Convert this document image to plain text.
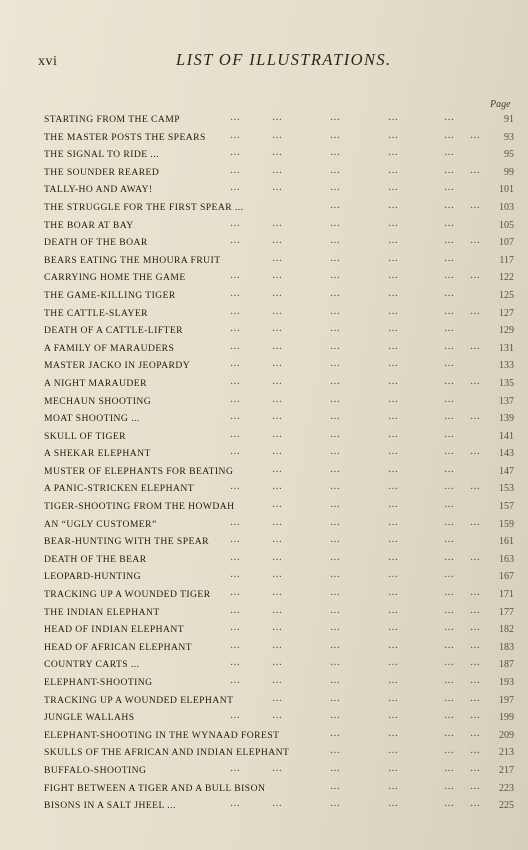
xvi	LIST OF ILLUSTRATIONS.
Page
STARTING FROM THE CAMP	…	…	…	…	…	91
THE MASTER POSTS THE SPEARS …	…	…	…	… …	93
THE SIGNAL TO RIDE ...	…	…	…	…	…	95
THE SOUNDER REARED	…	…	…	…	… …	99
TALLY-HO AND AWAY!	…	…	…	…	…	101
THE STRUGGLE FOR THE FIRST SPEAR ...	…	…	… …	103
THE BOAR AT BAY	…	…	…	…	…	105
DEATH OF THE BOAR	…	…	…	…	… …	107
BEARS EATING THE MHOURA FRUIT	…	…	…	…	117
CARRYING HOME THE GAME	…	…	…	…	… …	122
THE GAME-KILLING TIGER	…	…	…	…	…	125
THE CATTLE-SLAYER	…	…	…	…	… …	127
DEATH OF A CATTLE-LIFTER	…	…	…	…	…	129
A FAMILY OF MARAUDERS	…	…	…	…	… …	131
MASTER JACKO IN JEOPARDY	…	…	…	…	…	133
A NIGHT MARAUDER	…	…	…	…	… …	135
MECHAUN SHOOTING	…	…	…	…	…	137
MOAT SHOOTING ...	…	…	…	…	… …	139
SKULL OF TIGER	…	…	…	…	…	141
A SHEKAR ELEPHANT	…	…	…	…	… …	143
MUSTER OF ELEPHANTS FOR BEATING	…	…	…	…	147
A PANIC-STRICKEN ELEPHANT	…	…	…	…	… …	153
TIGER-SHOOTING FROM THE HOWDAH	…	…	…	…	157
AN “UGLY CUSTOMER”	…	…	…	…	… …	159
BEAR-HUNTING WITH THE SPEAR …	…	…	…	…	161
DEATH OF THE BEAR	…	…	…	…	… …	163
LEOPARD-HUNTING	…	…	…	…	…	167
TRACKING UP A WOUNDED TIGER …	…	…	…	… …	171
THE INDIAN ELEPHANT	…	…	…	…	… …	177
HEAD OF INDIAN ELEPHANT	…	…	…	…	… …	182
HEAD OF AFRICAN ELEPHANT	…	…	…	…	… …	183
COUNTRY CARTS ...	…	…	…	…	… …	187
ELEPHANT-SHOOTING	…	…	…	…	… …	193
TRACKING UP A WOUNDED ELEPHANT	…	…	…	… …	197
JUNGLE WALLAHS	…	…	…	…	… …	199
ELEPHANT-SHOOTING IN THE WYNAAD FOREST	…	…	… …	209
SKULLS OF THE AFRICAN AND INDIAN ELEPHANT	…	…	… …	213
BUFFALO-SHOOTING	…	…	…	…	… …	217
FIGHT BETWEEN A TIGER AND A BULL BISON	…	…	… …	223
BISONS IN A SALT JHEEL ...	…	…	…	…	… …	225
